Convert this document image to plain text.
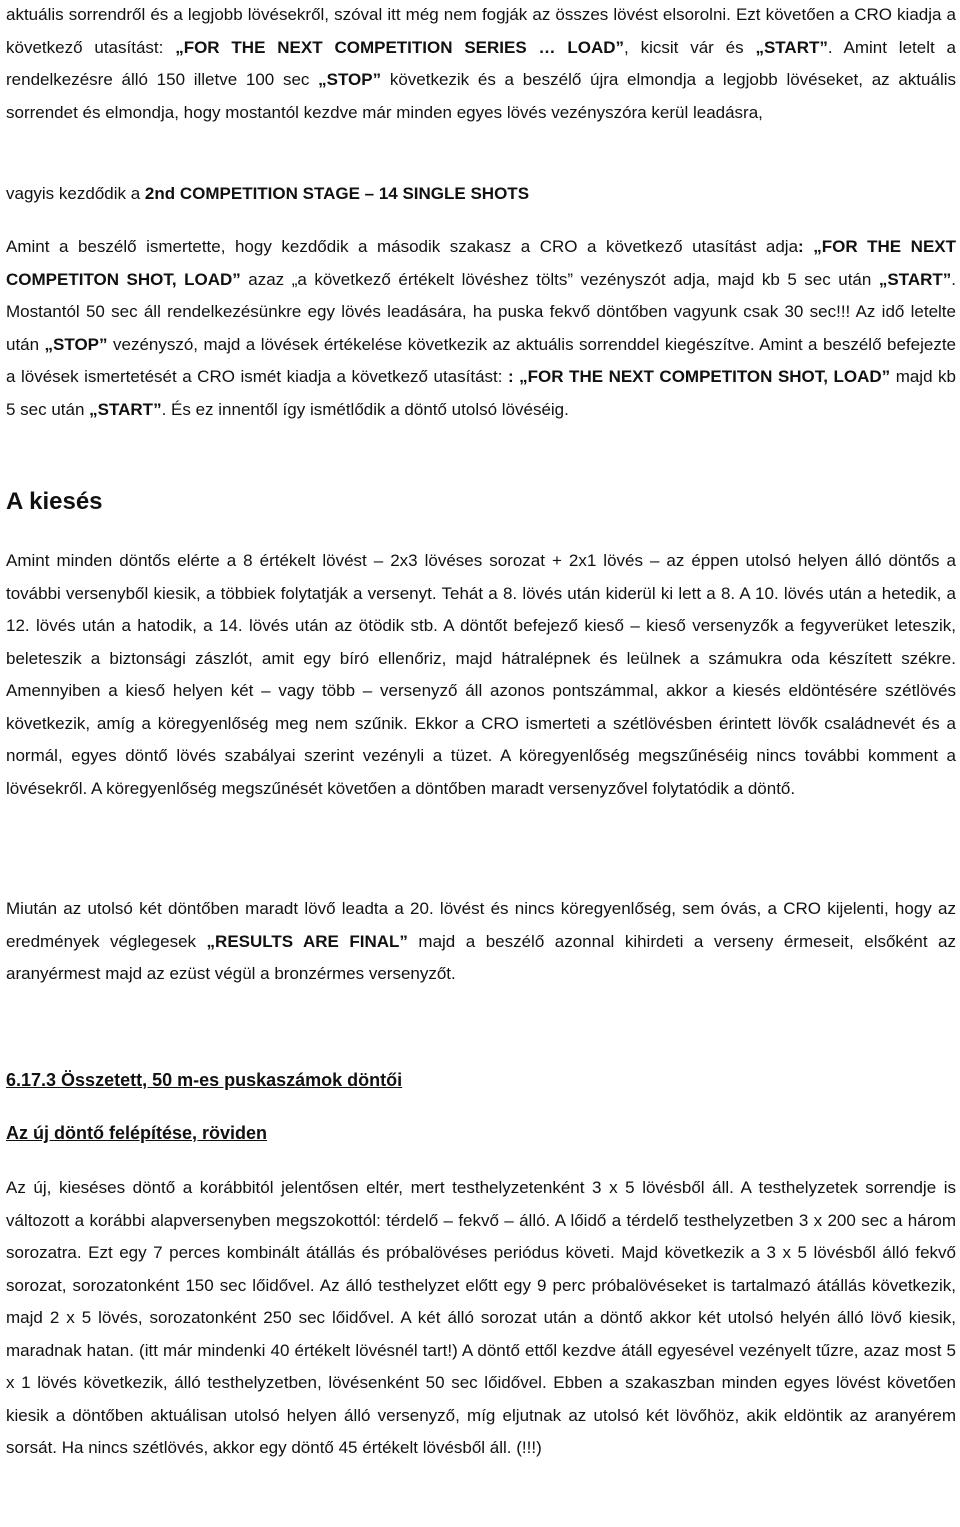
aktuális sorrendről és a legjobb lövésekről, szóval itt még nem fogják az összes lövést elsorolni. Ezt követően a CRO kiadja a következő utasítást: „FOR THE NEXT COMPETITION SERIES … LOAD”, kicsit vár és „START”. Amint letelt a rendelkezésre álló 150 illetve 100 sec „STOP” következik és a beszélő újra elmondja a legjobb lövéseket, az aktuális sorrendet és elmondja, hogy mostantól kezdve már minden egyes lövés vezényszóra kerül leadásra,

vagyis kezdődik a 2nd COMPETITION STAGE – 14 SINGLE SHOTS

Amint a beszélő ismertette, hogy kezdődik a második szakasz a CRO a következő utasítást adja: „FOR THE NEXT COMPETITON SHOT, LOAD” azaz „a következő értékelt lövéshez tölts” vezényszót adja, majd kb 5 sec után „START”. Mostantól 50 sec áll rendelkezésünkre egy lövés leadására, ha puska fekvő döntőben vagyunk csak 30 sec!!! Az idő letelte után „STOP” vezényszó, majd a lövések értékelése következik az aktuális sorrenddel kiegészítve. Amint a beszélő befejezte a lövések ismertetését a CRO ismét kiadja a következő utasítást: : „FOR THE NEXT COMPETITON SHOT, LOAD” majd kb 5 sec után „START”. És ez innentől így ismétlődik a döntő utolsó lövéséig.

A kiesés

Amint minden döntős elérte a 8 értékelt lövést – 2x3 lövéses sorozat + 2x1 lövés – az éppen utolsó helyen álló döntős a további versenyből kiesik, a többiek folytatják a versenyt. Tehát a 8. lövés után kiderül ki lett a 8. A 10. lövés után a hetedik, a 12. lövés után a hatodik, a 14. lövés után az ötödik stb. A döntőt befejező kieső – kieső versenyzők a fegyverüket leteszik, beleteszik a biztonsági zászlót, amit egy bíró ellenőriz, majd hátralépnek és leülnek a számukra oda készített székre. Amennyiben a kieső helyen két – vagy több – versenyző áll azonos pontszámmal, akkor a kiesés eldöntésére szétlövés következik, amíg a köregyenlőség meg nem szűnik. Ekkor a CRO ismerteti a szétlövésben érintett lövők családnevét és a normál, egyes döntő lövés szabályai szerint vezényli a tüzet. A köregyenlőség megszűnéséig nincs további komment a lövésekről. A köregyenlőség megszűnését követően a döntőben maradt versenyzővel folytatódik a döntő.

Miután az utolsó két döntőben maradt lövő leadta a 20. lövést és nincs köregyenlőség, sem óvás, a CRO kijelenti, hogy az eredmények véglegesek „RESULTS ARE FINAL” majd a beszélő azonnal kihirdeti a verseny érmeseit, elsőként az aranyérmest majd az ezüst végül a bronzérmes versenyzőt.

6.17.3 Összetett, 50 m-es puskaszámok döntői
Az új döntő felépítése, röviden

Az új, kieséses döntő a korábbitól jelentősen eltér, mert testhelyzetenként 3 x 5 lövésből áll. A testhelyzetek sorrendje is változott a korábbi alapversenyben megszokottól: térdelő – fekvő – álló. A lőidő a térdelő testhelyzetben 3 x 200 sec a három sorozatra. Ezt egy 7 perces kombinált átállás és próbalövéses periódus követi. Majd következik a 3 x 5 lövésből álló fekvő sorozat, sorozatonként 150 sec lőidővel. Az álló testhelyzet előtt egy 9 perc próbalövéseket is tartalmazó átállás következik, majd 2 x 5 lövés, sorozatonként 250 sec lőidővel. A két álló sorozat után a döntő akkor két utolsó helyén álló lövő kiesik, maradnak hatan. (itt már mindenki 40 értékelt lövésnél tart!) A döntő ettől kezdve átáll egyesével vezényelt tűzre, azaz most 5 x 1 lövés következik, álló testhelyzetben, lövésenként 50 sec lőidővel. Ebben a szakaszban minden egyes lövést követően kiesik a döntőben aktuálisan utolsó helyen álló versenyző, míg eljutnak az utolsó két lövőhöz, akik eldöntik az aranyérem sorsát. Ha nincs szétlövés, akkor egy döntő 45 értékelt lövésből áll. (!!!)
